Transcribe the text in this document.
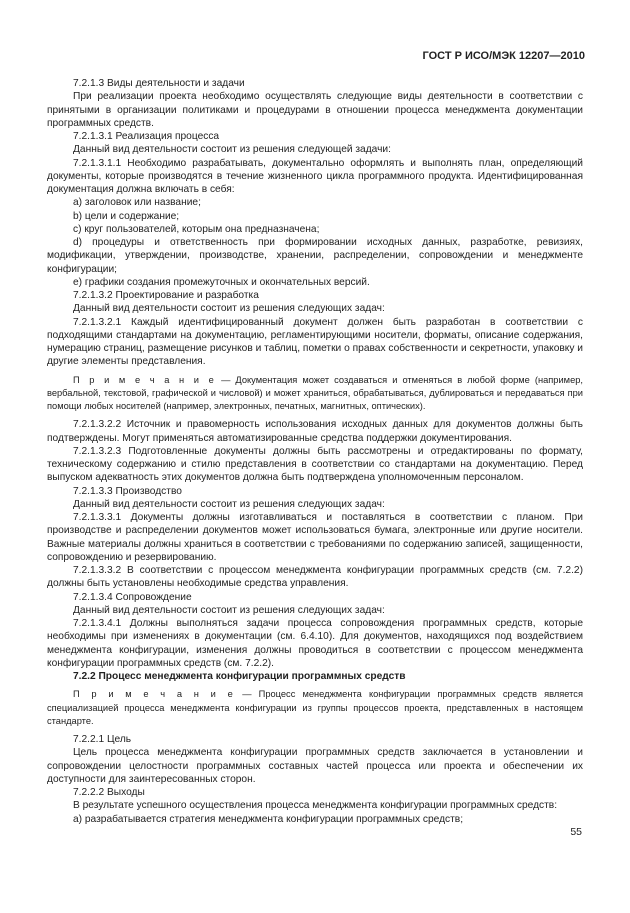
ГОСТ Р ИСО/МЭК 12207—2010

7.2.1.3 Виды деятельности и задачи

При реализации проекта необходимо осуществлять следующие виды деятельности в соответствии с принятыми в организации политиками и процедурами в отношении процесса менеджмента документации программных средств.

7.2.1.3.1 Реализация процесса

Данный вид деятельности состоит из решения следующей задачи:

7.2.1.3.1.1 Необходимо разрабатывать, документально оформлять и выполнять план, определяющий документы, которые производятся в течение жизненного цикла программного продукта. Идентифицированная документация должна включать в себя:

a) заголовок или название;

b) цели и содержание;

c) круг пользователей, которым она предназначена;

d) процедуры и ответственность при формировании исходных данных, разработке, ревизиях, модификации, утверждении, производстве, хранении, распределении, сопровождении и менеджменте конфигурации;

e) графики создания промежуточных и окончательных версий.

7.2.1.3.2 Проектирование и разработка

Данный вид деятельности состоит из решения следующих задач:

7.2.1.3.2.1 Каждый идентифицированный документ должен быть разработан в соответствии с подходящими стандартами на документацию, регламентирующими носители, форматы, описание содержания, нумерацию страниц, размещение рисунков и таблиц, пометки о правах собственности и секретности, упаковку и другие элементы представления.

П р и м е ч а н и е — Документация может создаваться и отменяться в любой форме (например, вербальной, текстовой, графической и числовой) и может храниться, обрабатываться, дублироваться и передаваться при помощи любых носителей (например, электронных, печатных, магнитных, оптических).

7.2.1.3.2.2 Источник и правомерность использования исходных данных для документов должны быть подтверждены. Могут применяться автоматизированные средства поддержки документирования.

7.2.1.3.2.3 Подготовленные документы должны быть рассмотрены и отредактированы по формату, техническому содержанию и стилю представления в соответствии со стандартами на документацию. Перед выпуском адекватность этих документов должна быть подтверждена уполномоченным персоналом.

7.2.1.3.3 Производство

Данный вид деятельности состоит из решения следующих задач:

7.2.1.3.3.1 Документы должны изготавливаться и поставляться в соответствии с планом. При производстве и распределении документов может использоваться бумага, электронные или другие носители. Важные материалы должны храниться в соответствии с требованиями по содержанию записей, защищенности, сопровождению и резервированию.

7.2.1.3.3.2 В соответствии с процессом менеджмента конфигурации программных средств (см. 7.2.2) должны быть установлены необходимые средства управления.

7.2.1.3.4 Сопровождение

Данный вид деятельности состоит из решения следующих задач:

7.2.1.3.4.1 Должны выполняться задачи процесса сопровождения программных средств, которые необходимы при изменениях в документации (см. 6.4.10). Для документов, находящихся под воздействием менеджмента конфигурации, изменения должны проводиться в соответствии с процессом менеджмента конфигурации программных средств (см. 7.2.2).

7.2.2 Процесс менеджмента конфигурации программных средств

П р и м е ч а н и е — Процесс менеджмента конфигурации программных средств является специализацией процесса менеджмента конфигурации из группы процессов проекта, представленных в настоящем стандарте.

7.2.2.1 Цель

Цель процесса менеджмента конфигурации программных средств заключается в установлении и сопровождении целостности программных составных частей процесса или проекта и обеспечении их доступности для заинтересованных сторон.

7.2.2.2 Выходы

В результате успешного осуществления процесса менеджмента конфигурации программных средств:

a) разрабатывается стратегия менеджмента конфигурации программных средств;

55
